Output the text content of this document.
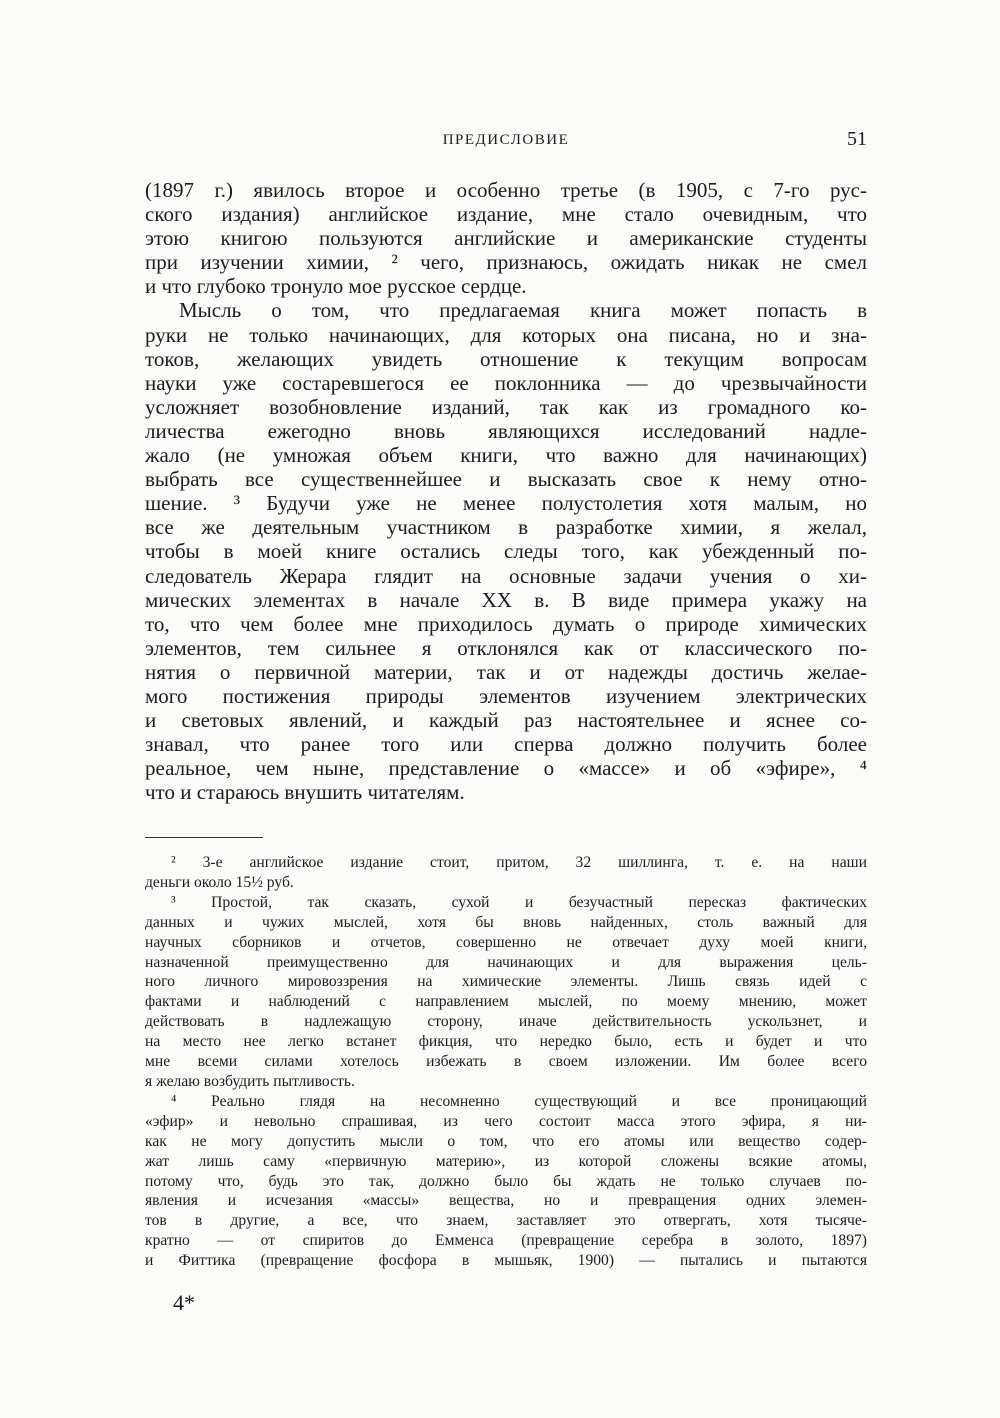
ПРЕДИСЛОВИЕ	51
(1897 г.) явилось второе и особенно третье (в 1905, с 7-го рус-
ского издания) английское издание, мне стало очевидным, что
этою книгою пользуются английские и американские студенты
при изучении химии, ² чего, признаюсь, ожидать никак не смел
и что глубоко тронуло мое русское сердце.
Мысль о том, что предлагаемая книга может попасть в
руки не только начинающих, для которых она писана, но и зна-
токов, желающих увидеть отношение к текущим вопросам
науки уже состаревшегося ее поклонника — до чрезвычайности
усложняет возобновление изданий, так как из громадного ко-
личества ежегодно вновь являющихся исследований надле-
жало (не умножая объем книги, что важно для начинающих)
выбрать все существеннейшее и высказать свое к нему отно-
шение. ³ Будучи уже не менее полустолетия хотя малым, но
все же деятельным участником в разработке химии, я желал,
чтобы в моей книге остались следы того, как убежденный по-
следователь Жерара глядит на основные задачи учения о хи-
мических элементах в начале XX в. В виде примера укажу на
то, что чем более мне приходилось думать о природе химических
элементов, тем сильнее я отклонялся как от классического по-
нятия о первичной материи, так и от надежды достичь желае-
мого постижения природы элементов изучением электрических
и световых явлений, и каждый раз настоятельнее и яснее со-
знавал, что ранее того или сперва должно получить более
реальное, чем ныне, представление о «массе» и об «эфире», ⁴
что и стараюсь внушить читателям.
² 3-е английское издание стоит, притом, 32 шиллинга, т. е. на наши
деньги около 15½ руб.
³ Простой, так сказать, сухой и безучастный пересказ фактических
данных и чужих мыслей, хотя бы вновь найденных, столь важный для
научных сборников и отчетов, совершенно не отвечает духу моей книги,
назначенной преимущественно для начинающих и для выражения цель-
ного личного мировоззрения на химические элементы. Лишь связь идей с
фактами и наблюдений с направлением мыслей, по моему мнению, может
действовать в надлежащую сторону, иначе действительность ускользнет, и
на место нее легко встанет фикция, что нередко было, есть и будет и что
мне всеми силами хотелось избежать в своем изложении. Им более всего
я желаю возбудить пытливость.
⁴ Реально глядя на несомненно существующий и все проницающий
«эфир» и невольно спрашивая, из чего состоит масса этого эфира, я ни-
как не могу допустить мысли о том, что его атомы или вещество содер-
жат лишь саму «первичную материю», из которой сложены всякие атомы,
потому что, будь это так, должно было бы ждать не только случаев по-
явления и исчезания «массы» вещества, но и превращения одних элемен-
тов в другие, а все, что знаем, заставляет это отвергать, хотя тысяче-
кратно — от спиритов до Емменса (превращение серебра в золото, 1897)
и Фиттика (превращение фосфора в мышьяк, 1900) — пытались и пытаются
4*
